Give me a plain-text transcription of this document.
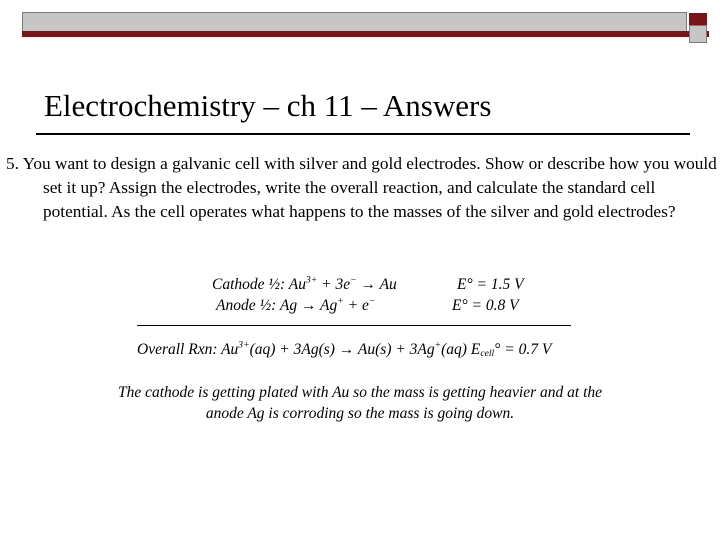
Electrochemistry – ch 11 – Answers

5. You want to design a galvanic cell with silver and gold electrodes. Show or describe how you would set it up? Assign the electrodes, write the overall reaction, and calculate the standard cell potential. As the cell operates what happens to the masses of the silver and gold electrodes?

Cathode ½: $Au^{3+} + 3e^- \to Au$	E° = 1.5 V
Anode ½: Ag → Ag+ + e−	E° = 0.8 V
Overall Rxn: $Au^{3+}(aq) + 3Ag(s) \to Au(s) + 3Ag^+(aq) E_{cell}^\circ = 0.7$ V

The cathode is getting plated with Au so the mass is getting heavier and at the anode Ag is corroding so the mass is going down.
